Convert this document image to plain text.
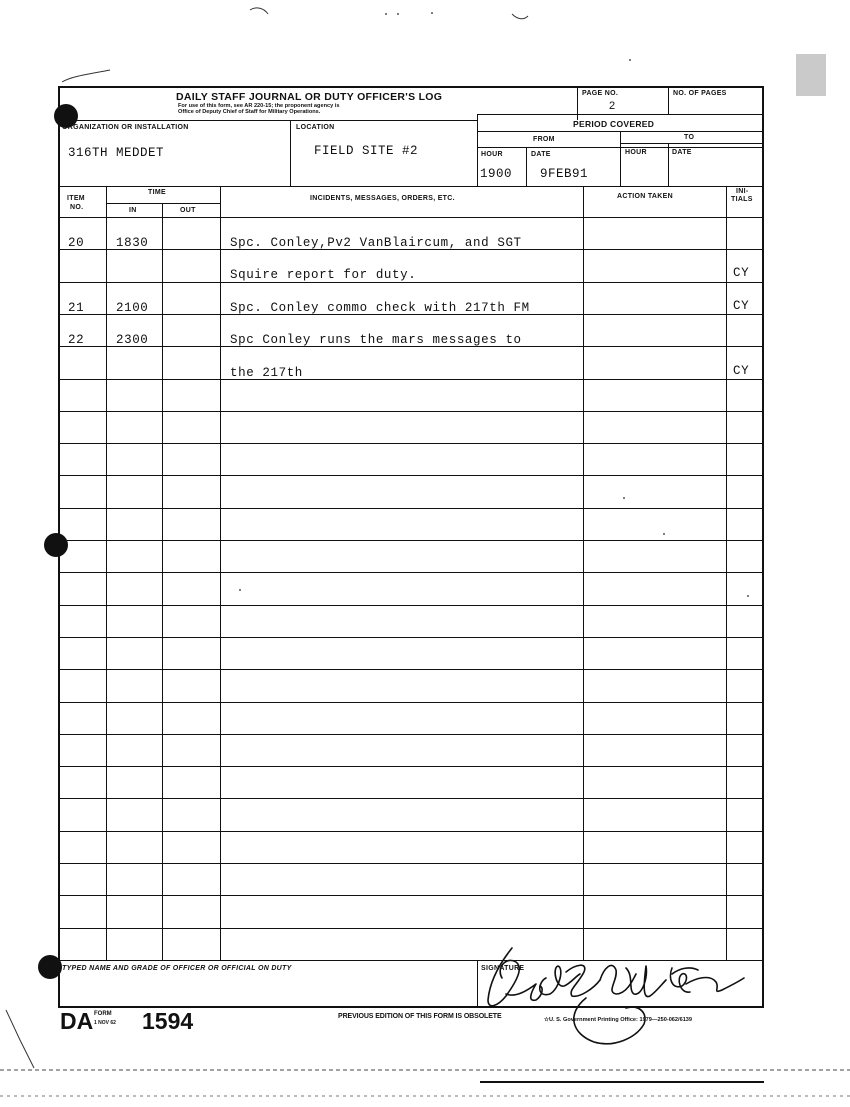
DAILY STAFF JOURNAL OR DUTY OFFICER'S LOG
For use of this form, see AR 220-15; the proponent agency is
Office of Deputy Chief of Staff for Military Operations.
PAGE NO.
2
NO. OF PAGES
ORGANIZATION OR INSTALLATION
316TH MEDDET
LOCATION
FIELD SITE #2
PERIOD COVERED
FROM	TO
HOUR	DATE	HOUR	DATE
1900 9FEB91
ITEM
NO.
TIME
IN	OUT
INCIDENTS, MESSAGES, ORDERS, ETC.	ACTION TAKEN
INI-
TIALS
20	1830	Spc. Conley,Pv2 VanBlaircum, and SGT
Squire report for duty.	CY
21	2100	Spc. Conley commo check with 217th FM	CY
22	2300	Spc Conley runs the mars messages to
the 217th	CY
TYPED NAME AND GRADE OF OFFICER OR OFFICIAL ON DUTY	SIGNATURE
DA FORM
1 NOV 62 1594	PREVIOUS EDITION OF THIS FORM IS OBSOLETE	☆U. S. Government Printing Office: 1979—250-062/6139
